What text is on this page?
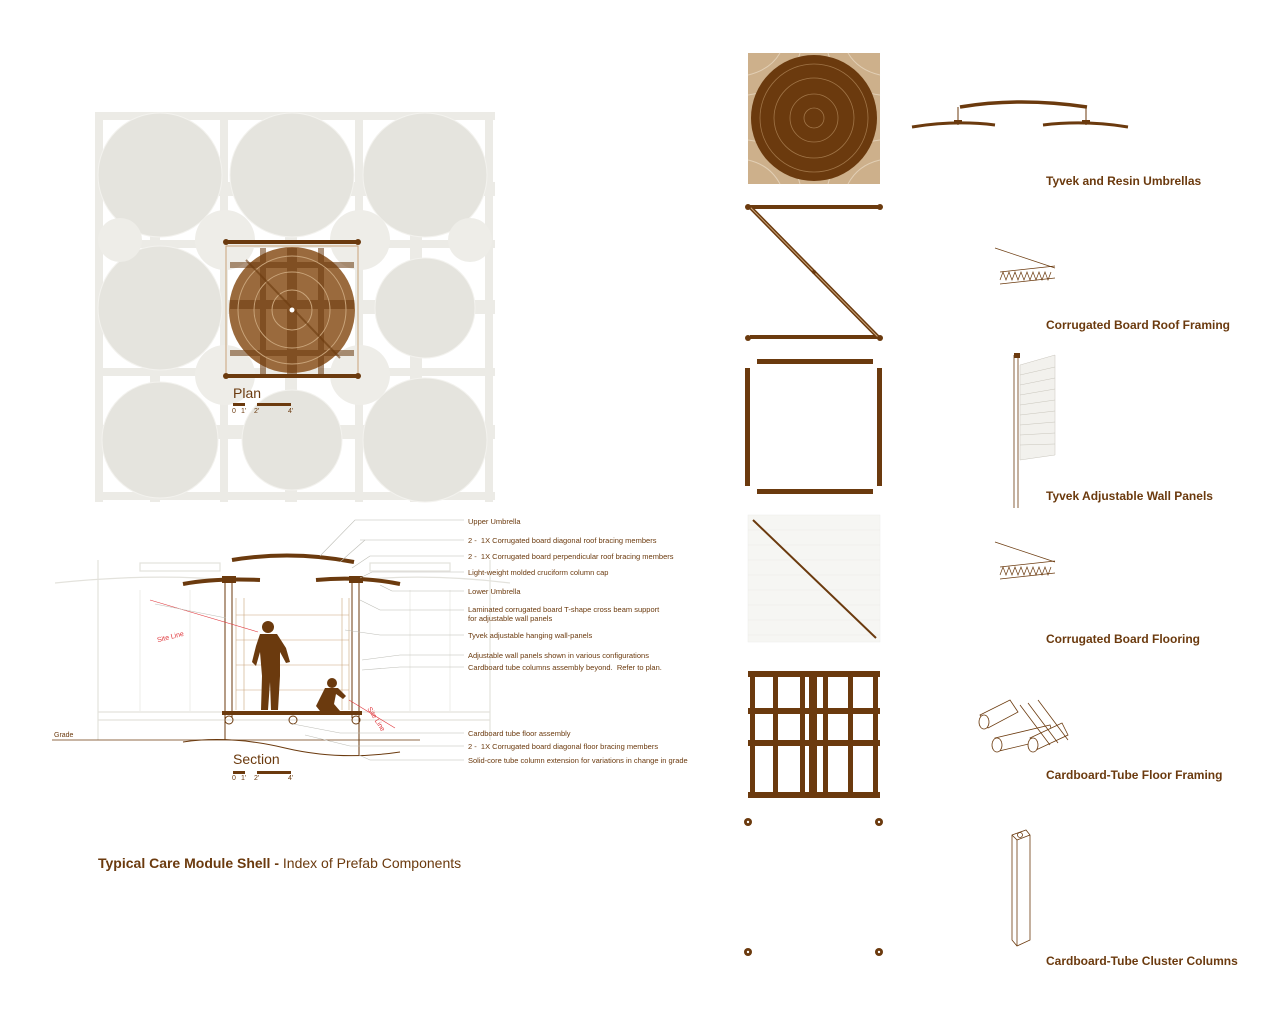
Plan
0 1' 2'	4'
Section
0 1' 2'	4'
Grade
Site Line
Site Line
Upper Umbrella
2 -  1X Corrugated board diagonal roof bracing members
2 -  1X Corrugated board perpendicular roof bracing members
Light-weight molded cruciform column cap
Lower Umbrella
Laminated corrugated board T-shape cross beam support
for adjustable wall panels
Tyvek adjustable hanging wall-panels
Adjustable wall panels shown in various configurations
Cardboard tube columns assembly beyond.  Refer to plan.
Cardboard tube floor assembly
2 -  1X Corrugated board diagonal floor bracing members
Solid-core tube column extension for variations in change in grade
Typical Care Module Shell - Index of Prefab Components
Tyvek and Resin Umbrellas
Corrugated Board Roof Framing
Tyvek Adjustable Wall Panels
Corrugated Board Flooring
Cardboard-Tube Floor Framing
Cardboard-Tube Cluster Columns
